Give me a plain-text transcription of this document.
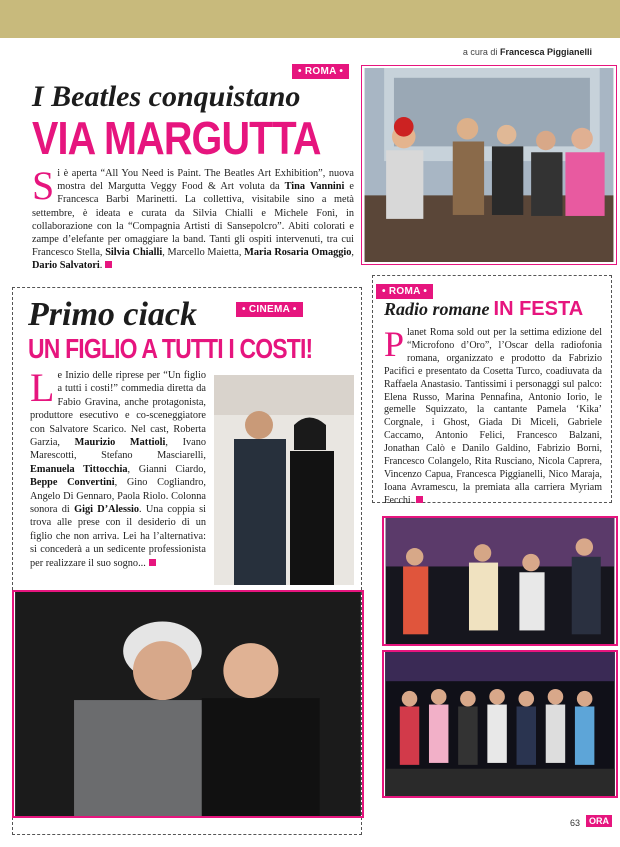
a cura di Francesca Piggianelli
• ROMA •
I Beatles conquistano
VIA MARGUTTA
Si è aperta “All You Need is Paint. The Beatles Art Exhibition”, nuova mostra del Margutta Veggy Food & Art voluta da Tina Vannini e Francesca Barbi Marinetti. La collettiva, visitabile sino a metà settembre, è ideata e curata da Silvia Chialli e Michele Fonì, in collaborazione con la “Compagnia Artisti di Sansepolcro”. Abiti colorati e zampe d’elefante per omaggiare la band. Tanti gli ospiti intervenuti, tra cui Francesco Stella, Silvia Chialli, Marcello Maietta, Maria Rosaria Omaggio, Dario Salvatori.
• CINEMA •
Primo ciack
UN FIGLIO A TUTTI I COSTI!
Le Inizio delle riprese per “Un figlio a tutti i costi!” commedia diretta da Fabio Gravina, anche protagonista, produttore esecutivo e co-sceneggiatore con Salvatore Scarico. Nel cast, Roberta Garzia, Maurizio Mattioli, Ivano Marescotti, Stefano Masciarelli, Emanuela Tittocchia, Gianni Ciardo, Beppe Convertini, Gino Cogliandro, Angelo Di Gennaro, Paola Riolo. Colonna sonora di Gigi D’Alessio. Una coppia si trova alle prese con il desiderio di un figlio che non arriva. Lei ha l’alternativa: si concederà a un sedicente professionista per realizzare il suo sogno...
• ROMA •
Radio romane IN FESTA
Planet Roma sold out per la settima edizione del “Microfono d’Oro”, l’Oscar della radiofonia romana, organizzato e prodotto da Fabrizio Pacifici e presentato da Cosetta Turco, coadiuvata da Raffaela Anastasio. Tantissimi i personaggi sul palco: Elena Russo, Marina Pennafina, Antonio Iorio, le gemelle Squizzato, la cantante Pamela ‘Kika’ Corgnale, i Ghost, Giada Di Miceli, Gabriele Caccamo, Antonio Felici, Francesco Balzani, Jonathan Calò e Danilo Galdino, Fabrizio Borni, Francesco Colangelo, Rita Rusciano, Nicola Caprera, Vincenzo Capua, Francesca Piggianelli, Nico Maraja, Ioana Avramescu, la premiata alla carriera Myriam Fecchi.
63	ORA
